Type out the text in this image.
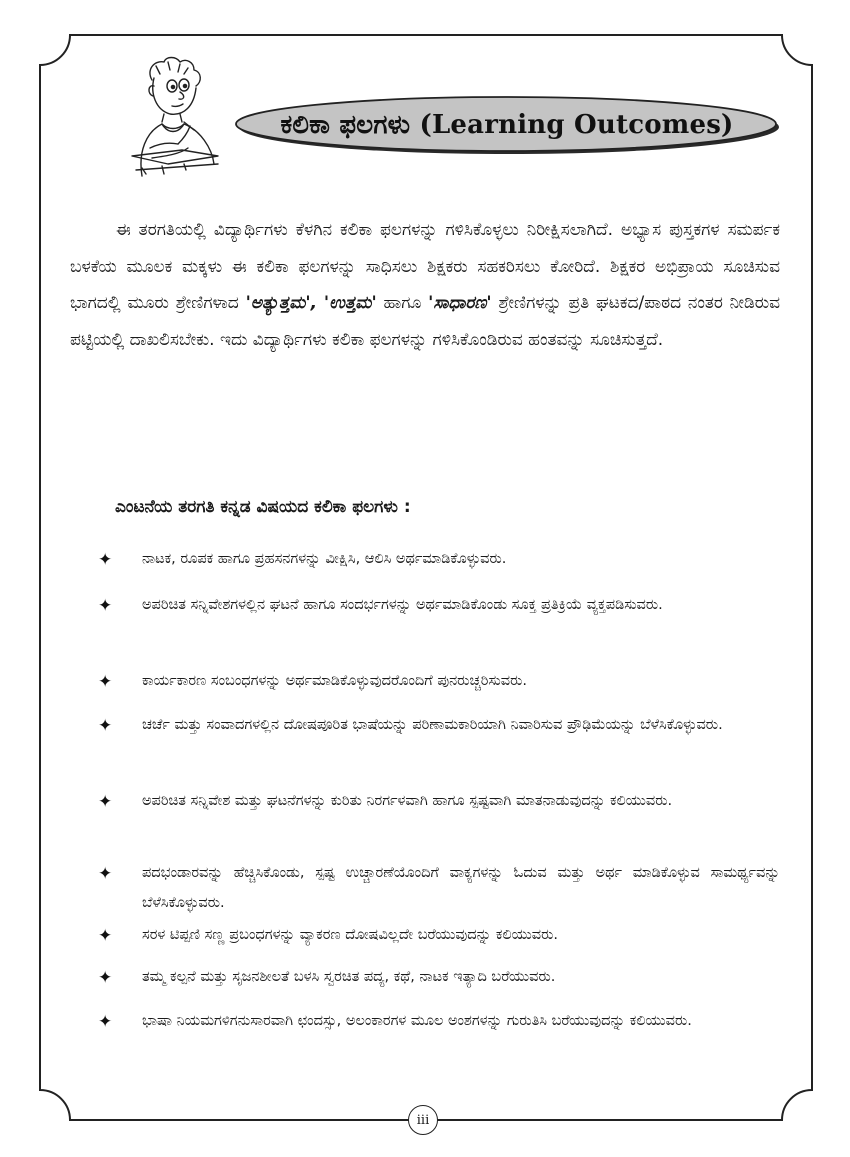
ಕಲಿಕಾ ಫಲಗಳು (Learning Outcomes)

ಈ ತರಗತಿಯಲ್ಲಿ ವಿದ್ಯಾರ್ಥಿಗಳು ಕೆಳಗಿನ ಕಲಿಕಾ ಫಲಗಳನ್ನು ಗಳಿಸಿಕೊಳ್ಳಲು ನಿರೀಕ್ಷಿಸಲಾಗಿದೆ. ಅಭ್ಯಾಸ ಪುಸ್ತಕಗಳ ಸಮರ್ಪಕ ಬಳಕೆಯ ಮೂಲಕ ಮಕ್ಕಳು ಈ ಕಲಿಕಾ ಫಲಗಳನ್ನು ಸಾಧಿಸಲು ಶಿಕ್ಷಕರು ಸಹಕರಿಸಲು ಕೋರಿದೆ. ಶಿಕ್ಷಕರ ಅಭಿಪ್ರಾಯ ಸೂಚಿಸುವ ಭಾಗದಲ್ಲಿ ಮೂರು ಶ್ರೇಣಿಗಳಾದ 'ಅತ್ಯುತ್ತಮ', 'ಉತ್ತಮ' ಹಾಗೂ 'ಸಾಧಾರಣ' ಶ್ರೇಣಿಗಳನ್ನು ಪ್ರತಿ ಘಟಕದ/ಪಾಠದ ನಂತರ ನೀಡಿರುವ ಪಟ್ಟಿಯಲ್ಲಿ ದಾಖಲಿಸಬೇಕು. ಇದು ವಿದ್ಯಾರ್ಥಿಗಳು ಕಲಿಕಾ ಫಲಗಳನ್ನು ಗಳಿಸಿಕೊಂಡಿರುವ ಹಂತವನ್ನು ಸೂಚಿಸುತ್ತದೆ.

ಎಂಟನೆಯ ತರಗತಿ ಕನ್ನಡ ವಿಷಯದ ಕಲಿಕಾ ಫಲಗಳು :
✦ ನಾಟಕ, ರೂಪಕ ಹಾಗೂ ಪ್ರಹಸನಗಳನ್ನು ವೀಕ್ಷಿಸಿ, ಆಲಿಸಿ ಅರ್ಥಮಾಡಿಕೊಳ್ಳುವರು.
✦ ಅಪರಿಚಿತ ಸನ್ನಿವೇಶಗಳಲ್ಲಿನ ಘಟನೆ ಹಾಗೂ ಸಂದರ್ಭಗಳನ್ನು ಅರ್ಥಮಾಡಿಕೊಂಡು ಸೂಕ್ತ ಪ್ರತಿಕ್ರಿಯೆ ವ್ಯಕ್ತಪಡಿಸುವರು.
✦ ಕಾರ್ಯಕಾರಣ ಸಂಬಂಧಗಳನ್ನು ಅರ್ಥಮಾಡಿಕೊಳ್ಳುವುದರೊಂದಿಗೆ ಪುನರುಚ್ಚರಿಸುವರು.
✦ ಚರ್ಚೆ ಮತ್ತು ಸಂವಾದಗಳಲ್ಲಿನ ದೋಷಪೂರಿತ ಭಾಷೆಯನ್ನು ಪರಿಣಾಮಕಾರಿಯಾಗಿ ನಿವಾರಿಸುವ ಪ್ರೌಢಿಮೆಯನ್ನು ಬೆಳೆಸಿಕೊಳ್ಳುವರು.
✦ ಅಪರಿಚಿತ ಸನ್ನಿವೇಶ ಮತ್ತು ಘಟನೆಗಳನ್ನು ಕುರಿತು ನಿರರ್ಗಳವಾಗಿ ಹಾಗೂ ಸ್ಪಷ್ಟವಾಗಿ ಮಾತನಾಡುವುದನ್ನು ಕಲಿಯುವರು.
✦ ಪದಭಂಡಾರವನ್ನು ಹೆಚ್ಚಿಸಿಕೊಂಡು, ಸ್ಪಷ್ಟ ಉಚ್ಚಾರಣೆಯೊಂದಿಗೆ ವಾಕ್ಯಗಳನ್ನು ಓದುವ ಮತ್ತು ಅರ್ಥ ಮಾಡಿಕೊಳ್ಳುವ ಸಾಮರ್ಥ್ಯವನ್ನು ಬೆಳೆಸಿಕೊಳ್ಳುವರು.
✦ ಸರಳ ಟಿಪ್ಪಣಿ ಸಣ್ಣ ಪ್ರಬಂಧಗಳನ್ನು ವ್ಯಾಕರಣ ದೋಷವಿಲ್ಲದೇ ಬರೆಯುವುದನ್ನು ಕಲಿಯುವರು.
✦ ತಮ್ಮ ಕಲ್ಪನೆ ಮತ್ತು ಸೃಜನಶೀಲತೆ ಬಳಸಿ ಸ್ವರಚಿತ ಪದ್ಯ, ಕಥೆ, ನಾಟಕ ಇತ್ಯಾದಿ ಬರೆಯುವರು.
✦ ಭಾಷಾ ನಿಯಮಗಳಿಗನುಸಾರವಾಗಿ ಛಂದಸ್ಸು, ಅಲಂಕಾರಗಳ ಮೂಲ ಅಂಶಗಳನ್ನು ಗುರುತಿಸಿ ಬರೆಯುವುದನ್ನು ಕಲಿಯುವರು.
iii
